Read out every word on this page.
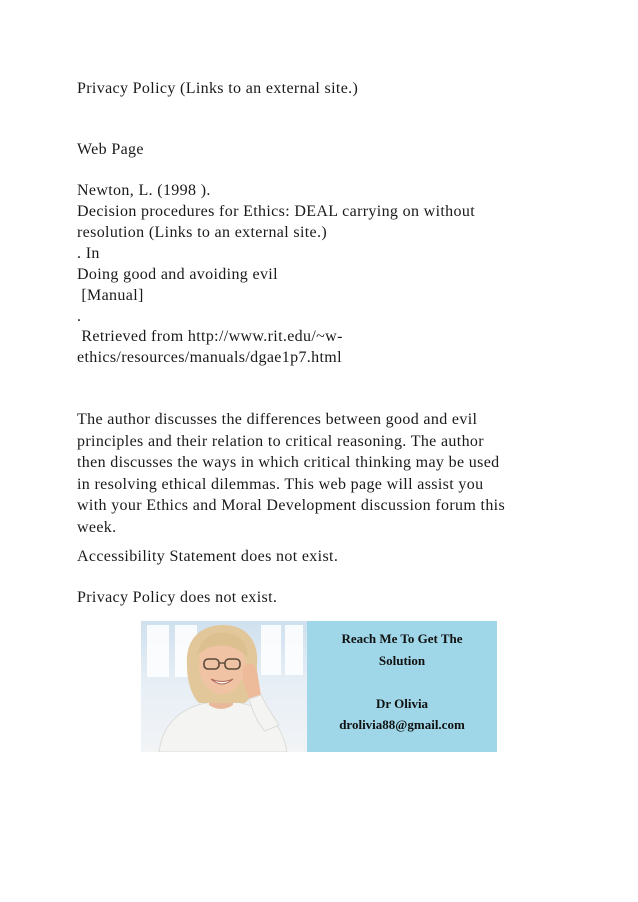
Privacy Policy (Links to an external site.)
Web Page
Newton, L. (1998 ).
Decision procedures for Ethics: DEAL carrying on without
resolution (Links to an external site.)
. In
Doing good and avoiding evil
[Manual]
.
Retrieved from http://www.rit.edu/~w-
ethics/resources/manuals/dgae1p7.html
The author discusses the differences between good and evil
principles and their relation to critical reasoning. The author
then discusses the ways in which critical thinking may be used
in resolving ethical dilemmas. This web page will assist you
with your Ethics and Moral Development discussion forum this
week.
Accessibility Statement does not exist.
Privacy Policy does not exist.
Reach Me To Get The
Solution
Dr Olivia
drolivia88@gmail.com
